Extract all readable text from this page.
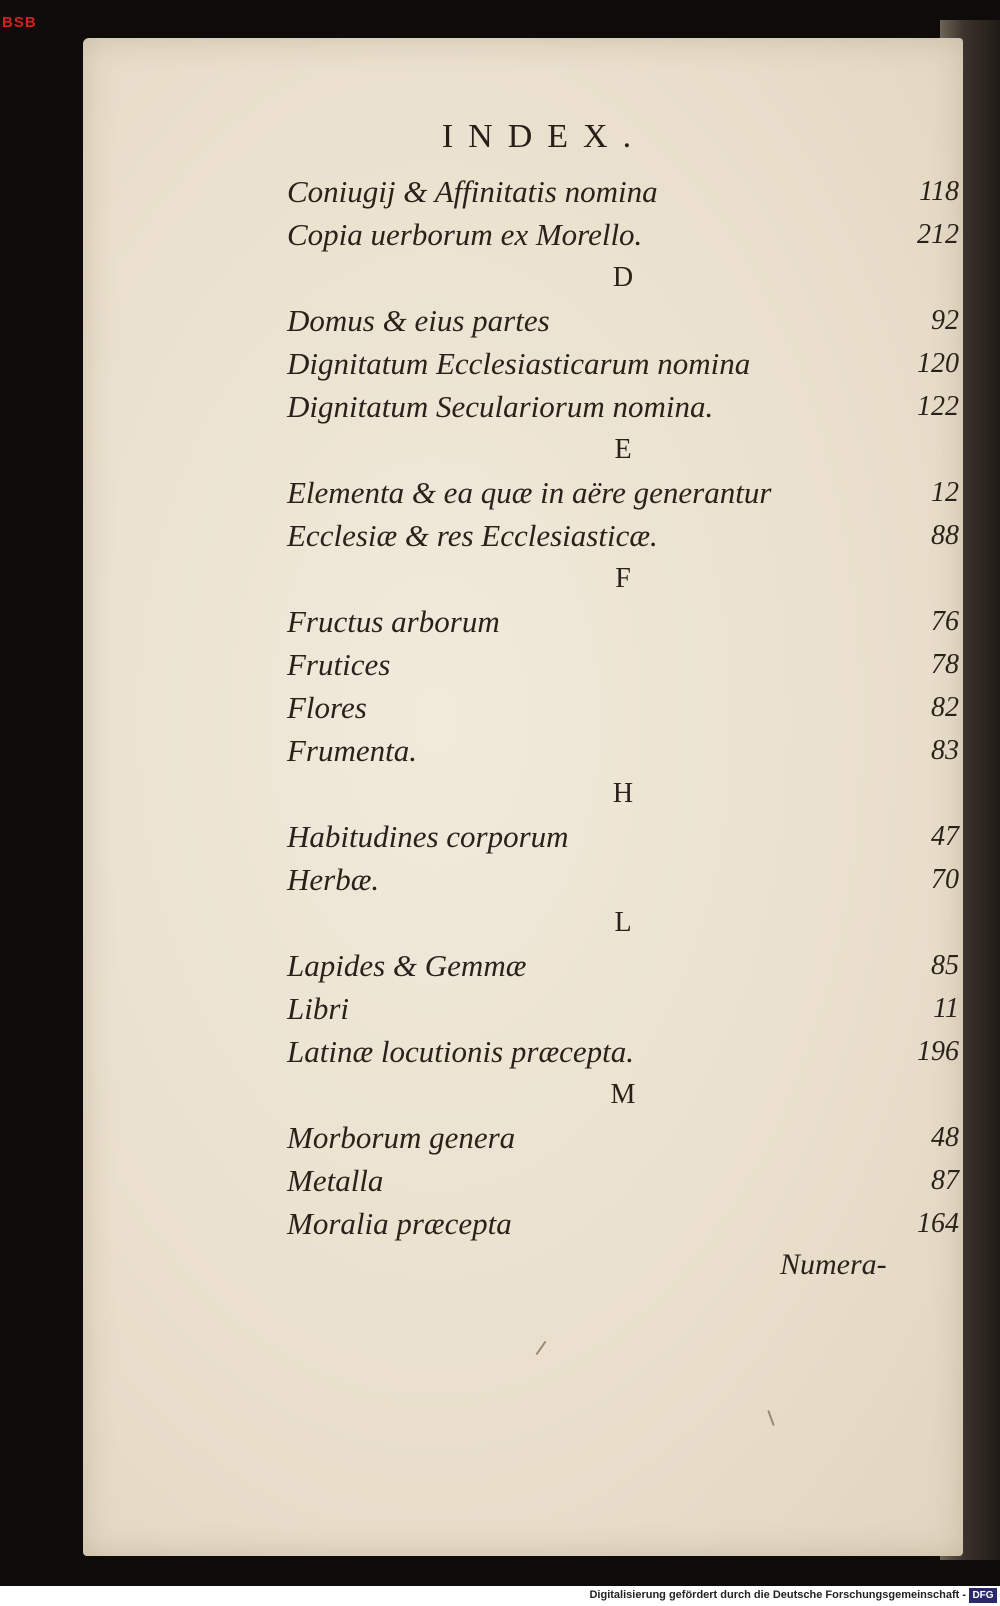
BSB
INDEX.
Coniugij & Affinitatis nomina	118
Copia uerborum ex Morello.	212
D
Domus & eius partes	92
Dignitatum Ecclesiasticarum nomina	120
Dignitatum Seculariorum nomina.	122
E
Elementa & ea quæ in aëre generantur	12
Ecclesiæ & res Ecclesiasticæ.	88
F
Fructus arborum	76
Frutices	78
Flores	82
Frumenta.	83
H
Habitudines corporum	47
Herbæ.	70
L
Lapides & Gemmæ	85
Libri	11
Latinæ locutionis præcepta.	196
M
Morborum genera	48
Metalla	87
Moralia præcepta	164
Numera-
Digitalisierung gefördert durch die Deutsche Forschungsgemeinschaft - DFG
